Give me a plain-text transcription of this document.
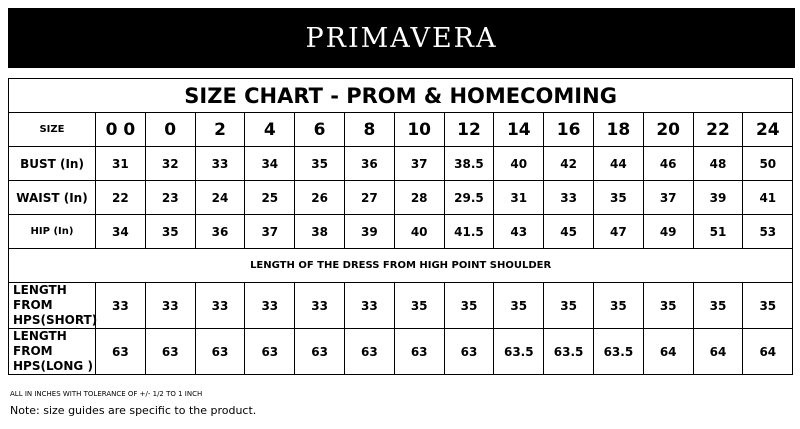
PRIMAVERA
SIZE CHART - PROM & HOMECOMING														
SIZE	0 0	0	2	4	6	8	10	12	14	16	18	20	22	24
BUST (In)	31	32	33	34	35	36	37	38.5	40	42	44	46	48	50
WAIST (In)	22	23	24	25	26	27	28	29.5	31	33	35	37	39	41
HIP (In)	34	35	36	37	38	39	40	41.5	43	45	47	49	51	53
LENGTH OF THE DRESS FROM HIGH POINT SHOULDER														
LENGTH FROM
HPS(SHORT)	33	33	33	33	33	33	35	35	35	35	35	35	35	35
LENGTH FROM
HPS(LONG )	63	63	63	63	63	63	63	63	63.5	63.5	63.5	64	64	64
ALL IN INCHES WITH TOLERANCE OF +/- 1/2 TO 1 INCH
Note: size guides are specific to the product.
